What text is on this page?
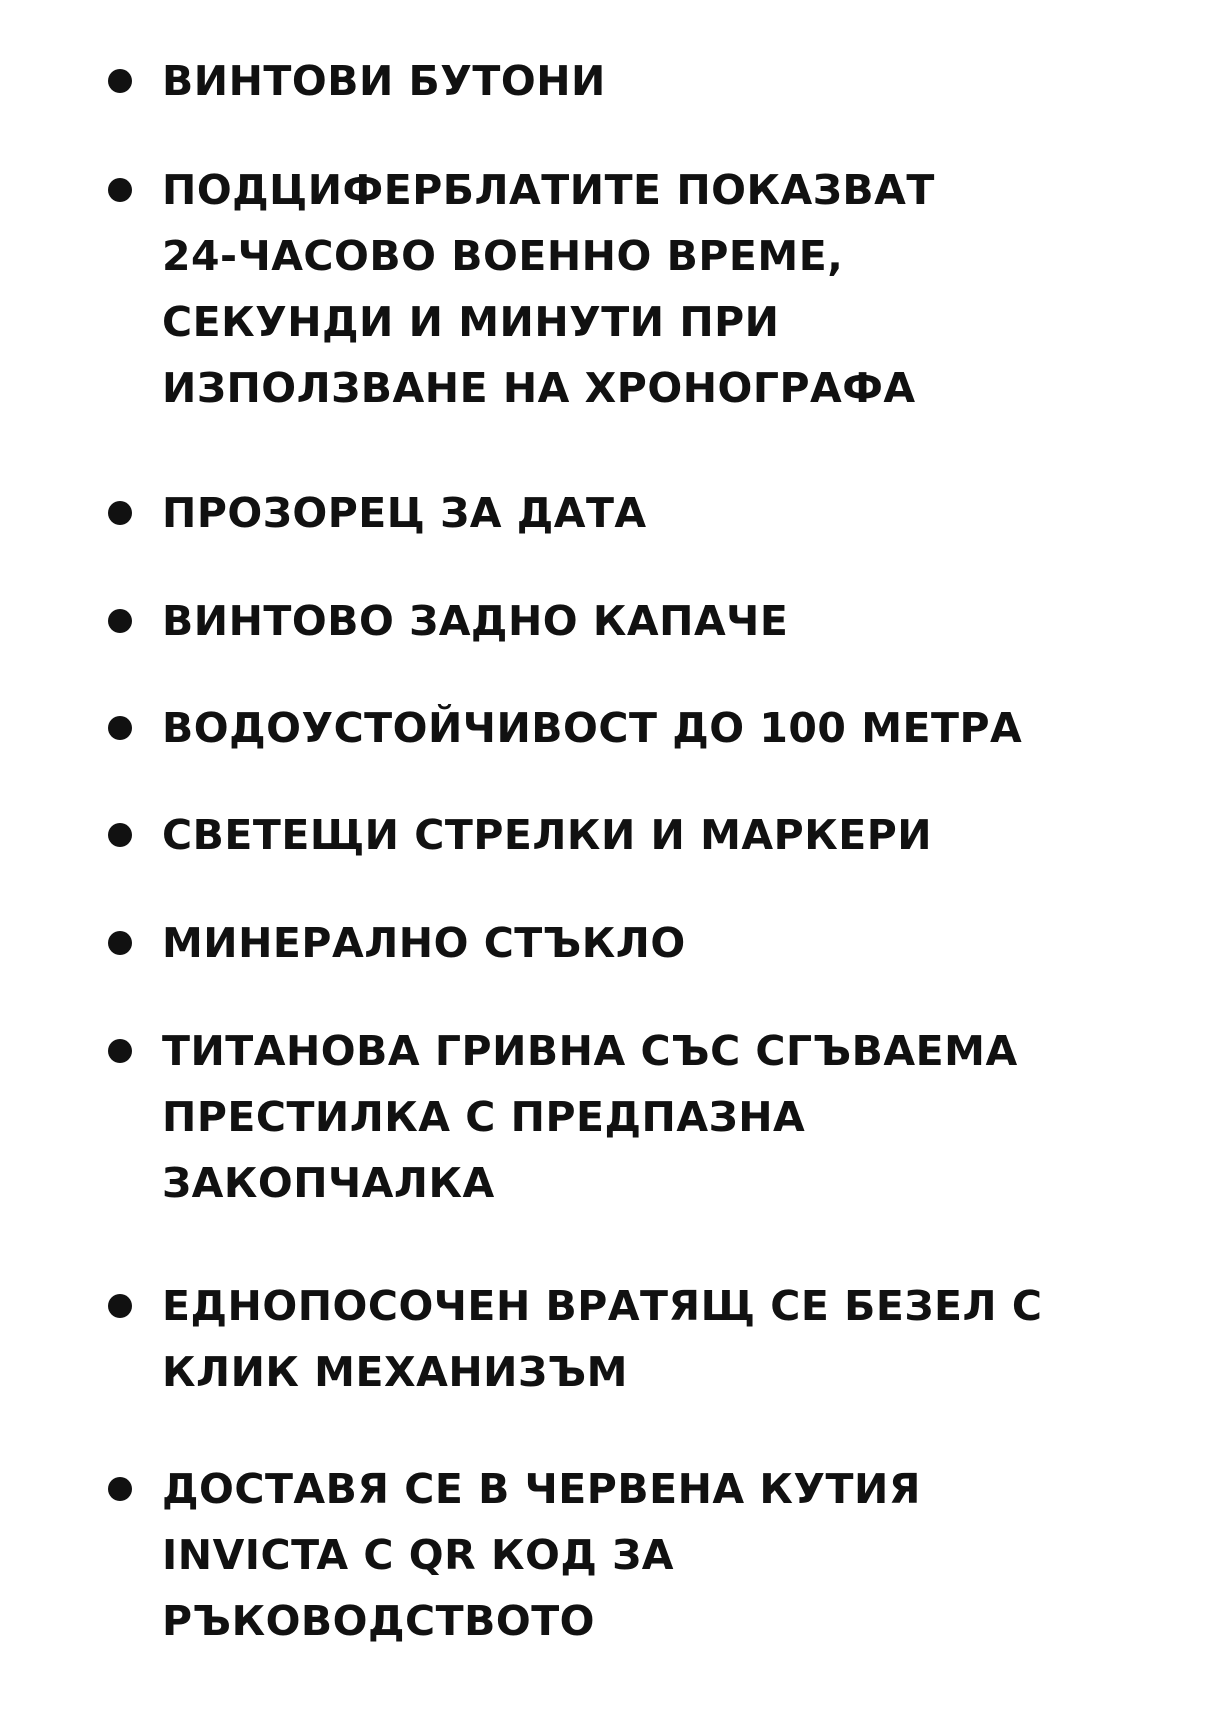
ВИНТОВИ БУТОНИ
ПОДЦИФЕРБЛАТИТЕ ПОКАЗВАТ
24-ЧАСОВО ВОЕННО ВРЕМЕ,
СЕКУНДИ И МИНУТИ ПРИ
ИЗПОЛЗВАНЕ НА ХРОНОГРАФА
ПРОЗОРЕЦ ЗА ДАТА
ВИНТОВО ЗАДНО КАПАЧЕ
ВОДОУСТОЙЧИВОСТ ДО 100 МЕТРА
СВЕТЕЩИ СТРЕЛКИ И МАРКЕРИ
МИНЕРАЛНО СТЪКЛО
ТИТАНОВА ГРИВНА СЪС СГЪВАЕМА
ПРЕСТИЛКА С ПРЕДПАЗНА
ЗАКОПЧАЛКА
ЕДНОПОСОЧЕН ВРАТЯЩ СЕ БЕЗЕЛ С
КЛИК МЕХАНИЗЪМ
ДОСТАВЯ СЕ В ЧЕРВЕНА КУТИЯ
INVICTA С QR КОД ЗА
РЪКОВОДСТВОТО
